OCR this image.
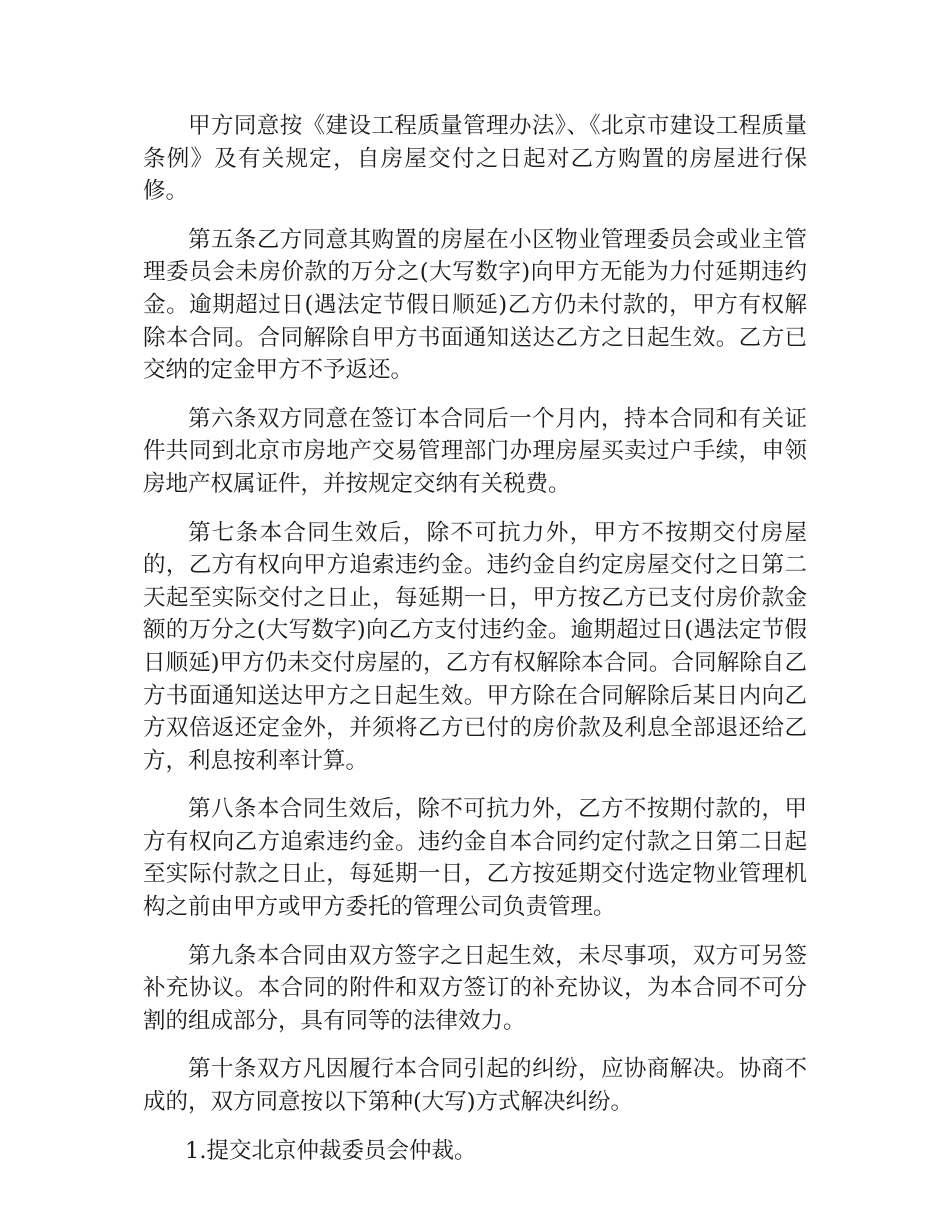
甲方同意按《建设工程质量管理办法》、《北京市建设工程质量条例》及有关规定，自房屋交付之日起对乙方购置的房屋进行保修。

第五条乙方同意其购置的房屋在小区物业管理委员会或业主管理委员会未房价款的万分之(大写数字)向甲方无能为力付延期违约金。逾期超过日(遇法定节假日顺延)乙方仍未付款的，甲方有权解除本合同。合同解除自甲方书面通知送达乙方之日起生效。乙方已交纳的定金甲方不予返还。

第六条双方同意在签订本合同后一个月内，持本合同和有关证件共同到北京市房地产交易管理部门办理房屋买卖过户手续，申领房地产权属证件，并按规定交纳有关税费。

第七条本合同生效后，除不可抗力外，甲方不按期交付房屋的，乙方有权向甲方追索违约金。违约金自约定房屋交付之日第二天起至实际交付之日止，每延期一日，甲方按乙方已支付房价款金额的万分之(大写数字)向乙方支付违约金。逾期超过日(遇法定节假日顺延)甲方仍未交付房屋的，乙方有权解除本合同。合同解除自乙方书面通知送达甲方之日起生效。甲方除在合同解除后某日内向乙方双倍返还定金外，并须将乙方已付的房价款及利息全部退还给乙方，利息按利率计算。

第八条本合同生效后，除不可抗力外，乙方不按期付款的，甲方有权向乙方追索违约金。违约金自本合同约定付款之日第二日起至实际付款之日止，每延期一日，乙方按延期交付选定物业管理机构之前由甲方或甲方委托的管理公司负责管理。

第九条本合同由双方签字之日起生效，未尽事项，双方可另签补充协议。本合同的附件和双方签订的补充协议，为本合同不可分割的组成部分，具有同等的法律效力。

第十条双方凡因履行本合同引起的纠纷，应协商解决。协商不成的，双方同意按以下第种(大写)方式解决纠纷。

1.提交北京仲裁委员会仲裁。
